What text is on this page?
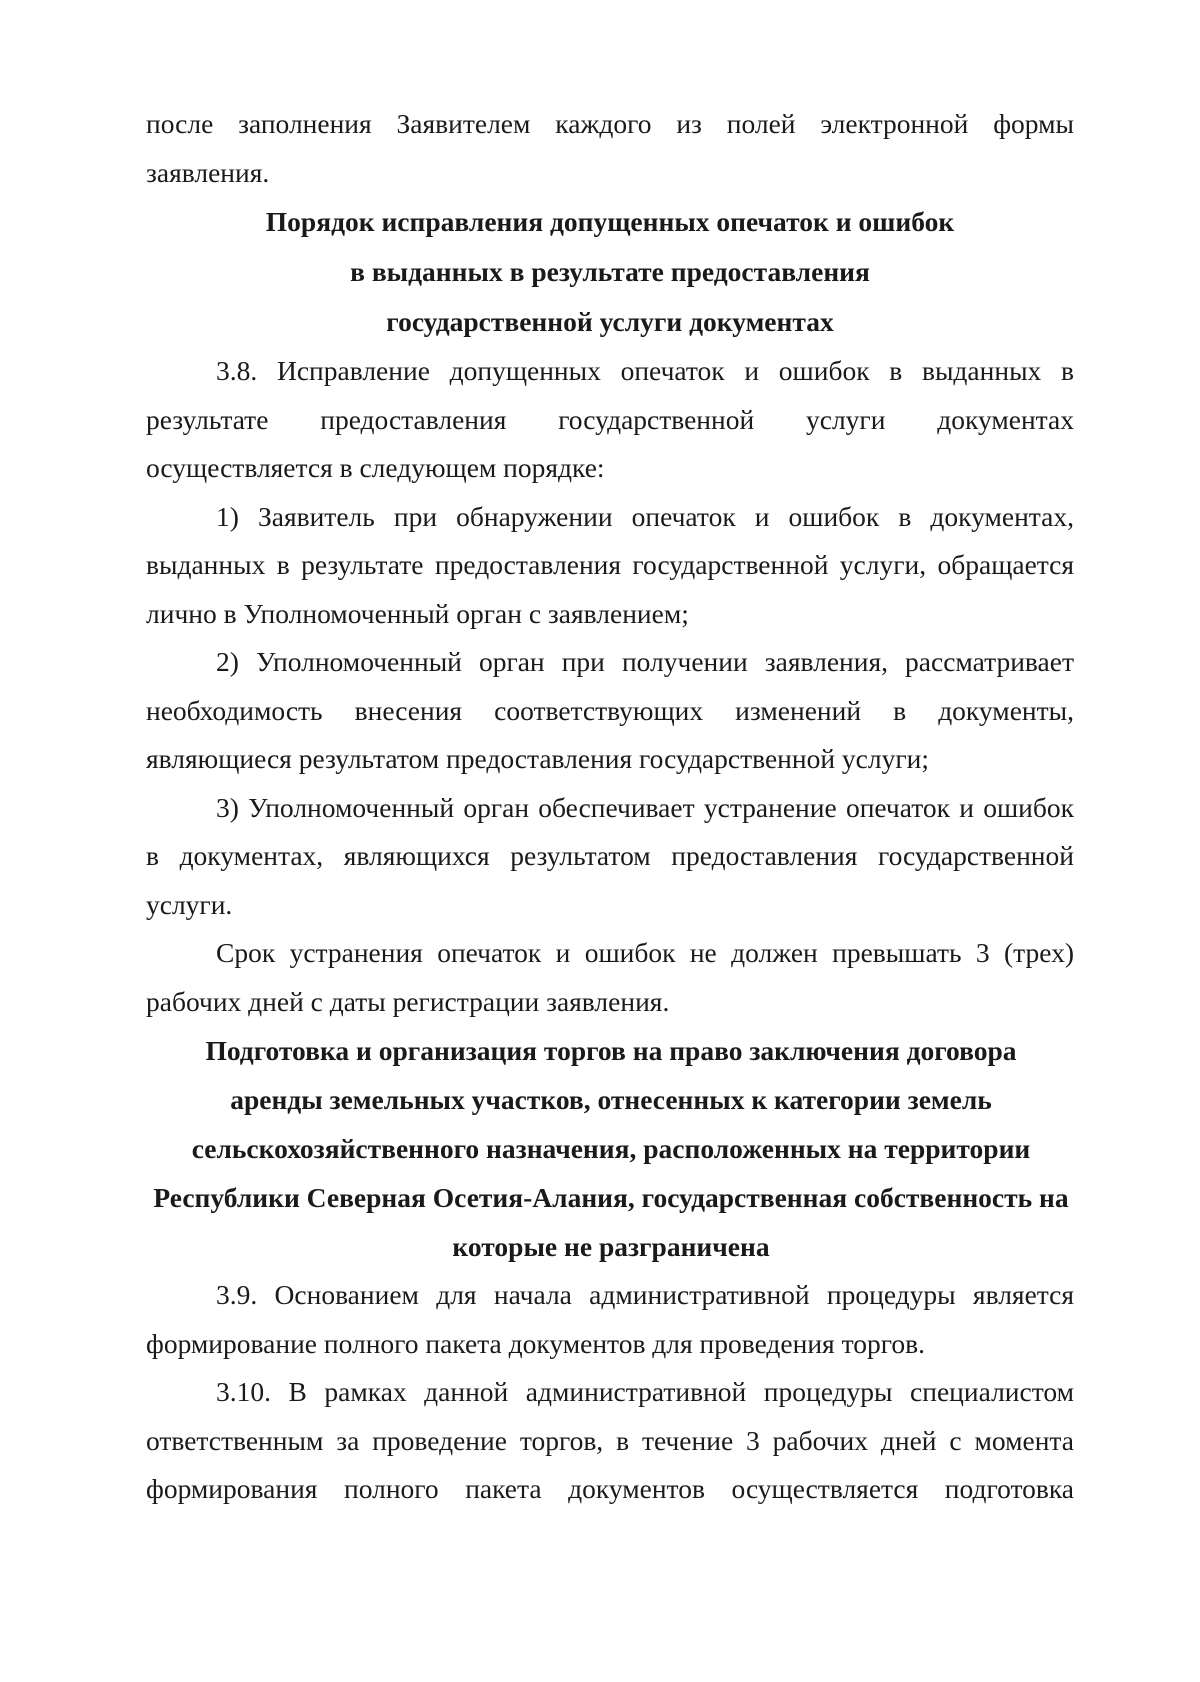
после заполнения Заявителем каждого из полей электронной формы заявления.

Порядок исправления допущенных опечаток и ошибок
в выданных в результате предоставления
государственной услуги документах

3.8. Исправление допущенных опечаток и ошибок в выданных в результате предоставления государственной услуги документах осуществляется в следующем порядке:

1) Заявитель при обнаружении опечаток и ошибок в документах, выданных в результате предоставления государственной услуги, обращается лично в Уполномоченный орган с заявлением;

2) Уполномоченный орган при получении заявления, рассматривает необходимость внесения соответствующих изменений в документы, являющиеся результатом предоставления государственной услуги;

3) Уполномоченный орган обеспечивает устранение опечаток и ошибок в документах, являющихся результатом предоставления государственной услуги.

Срок устранения опечаток и ошибок не должен превышать 3 (трех) рабочих дней с даты регистрации заявления.

Подготовка и организация торгов на право заключения договора
аренды земельных участков, отнесенных к категории земель
сельскохозяйственного назначения, расположенных на территории
Республики Северная Осетия-Алания, государственная собственность на
которые не разграничена

3.9. Основанием для начала административной процедуры является формирование полного пакета документов для проведения торгов.

3.10. В рамках данной административной процедуры специалистом ответственным за проведение торгов, в течение 3 рабочих дней с момента формирования полного пакета документов осуществляется подготовка
